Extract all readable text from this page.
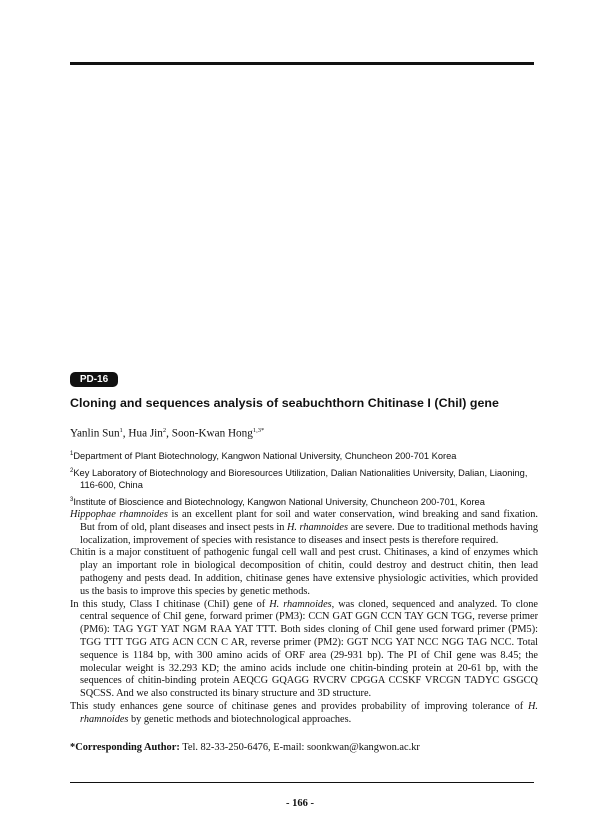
PD-16
Cloning and sequences analysis of seabuchthorn Chitinase I (ChiI) gene
Yanlin Sun$^1$, Hua Jin$^2$, Soon-Kwan Hong$^{1,3*}$
$^1$Department of Plant Biotechnology, Kangwon National University, Chuncheon 200-701 Korea
$^2$Key Laboratory of Biotechnology and Bioresources Utilization, Dalian Nationalities University, Dalian, Liaoning,
116-600, China
$^3$Institute of Bioscience and Biotechnology, Kangwon National University, Chuncheon 200-701, Korea

Hippophae rhamnoides is an excellent plant for soil and water conservation, wind breaking and sand fixation. But from of old, plant diseases and insect pests in H. rhamnoides are severe. Due to traditional methods having localization, improvement of species with resistance to diseases and insect pests is therefore required.

Chitin is a major constituent of pathogenic fungal cell wall and pest crust. Chitinases, a kind of enzymes which play an important role in biological decomposition of chitin, could destroy and destruct chitin, then lead pathogeny and pests dead. In addition, chitinase genes have extensive physiologic activities, which provided us the basis to improve this species by genetic methods.

In this study, Class I chitinase (ChiI) gene of H. rhamnoides, was cloned, sequenced and analyzed. To clone central sequence of ChiI gene, forward primer (PM3): CCN GAT GGN CCN TAY GCN TGG, reverse primer (PM6): TAG YGT YAT NGM RAA YAT TTT. Both sides cloning of ChiI gene used forward primer (PM5): TGG TTT TGG ATG ACN CCN C AR, reverse primer (PM2): GGT NCG YAT NCC NGG TAG NCC. Total sequence is 1184 bp, with 300 amino acids of ORF area (29-931 bp). The PI of ChiI gene was 8.45; the molecular weight is 32.293 KD; the amino acids include one chitin-binding protein at 20-61 bp, with the sequences of chitin-binding protein AEQCG GQAGG RVCRV CPGGA CCSKF VRCGN TADYC GSGCQ SQCSS. And we also constructed its binary structure and 3D structure.

This study enhances gene source of chitinase genes and provides probability of improving tolerance of H. rhamnoides by genetic methods and biotechnological approaches.

*Corresponding Author: Tel. 82-33-250-6476, E-mail: soonkwan@kangwon.ac.kr
- 166 -
